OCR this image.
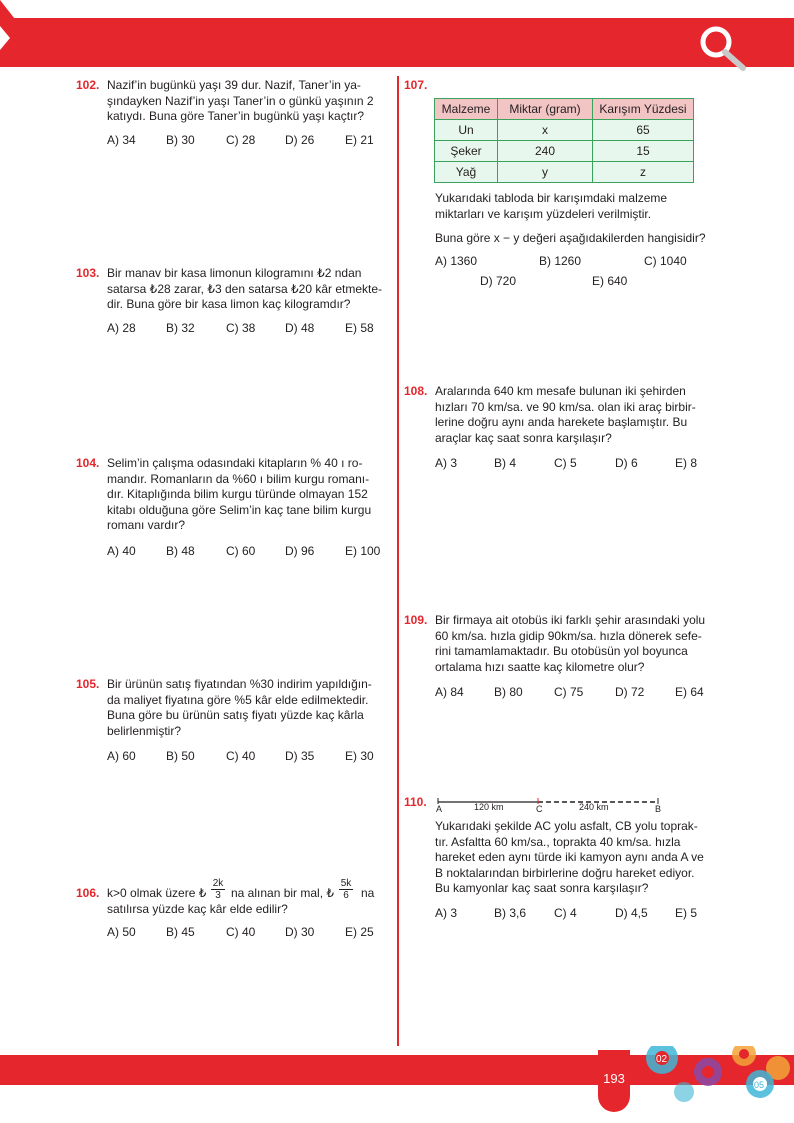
102. Nazif’in bugünkü yaşı 39 dur. Nazif, Taner’in ya-
şındayken Nazif’in yaşı Taner’in o günkü yaşının 2
katıydı. Buna göre Taner’in bugünkü yaşı kaçtır?
A) 34	B) 30	C) 28 D) 26	E) 21
103. Bir manav bir kasa limonun kilogramını ₺2 ndan
satarsa ₺28 zarar, ₺3 den satarsa ₺20 kâr etmekte-
dir. Buna göre bir kasa limon kaç kilogramdır?
A) 28	B) 32	C) 38 D) 48	E) 58
104. Selim’in çalışma odasındaki kitapların % 40 ı ro-
mandır. Romanların da %60 ı bilim kurgu romanı-
dır. Kitaplığında bilim kurgu türünde olmayan 152
kitabı olduğuna göre Selim’in kaç tane bilim kurgu
romanı vardır?
A) 40	B) 48	C) 60 D) 96	E) 100
105. Bir ürünün satış fiyatından %30 indirim yapıldığın-
da maliyet fiyatına göre %5 kâr elde edilmektedir.
Buna göre bu ürünün satış fiyatı yüzde kaç kârla
belirlenmiştir?
A) 60	B) 50	C) 40 D) 35	E) 30
106. k>0 olmak üzere ₺ $\frac{2k}{3}$ na alınan bir mal, ₺ $\frac{5k}{6}$ na
satılırsa yüzde kaç kâr elde edilir?
A) 50	B) 45	C) 40 D) 30	E) 25
107.
Malzeme	Miktar (gram)	Karışım Yüzdesi
Un	x	65
Şeker	240	15
Yağ	y	z
Yukarıdaki tabloda bir karışımdaki malzeme
miktarları ve karışım yüzdeleri verilmiştir.
Buna göre x − y değeri aşağıdakilerden hangisidir?
A) 1360	B) 1260	C) 1040
D) 720	E) 640
108. Aralarında 640 km mesafe bulunan iki şehirden
hızları 70 km/sa. ve 90 km/sa. olan iki araç birbir-
lerine doğru aynı anda harekete başlamıştır. Bu
araçlar kaç saat sonra karşılaşır?
A) 3	B) 4	C) 5	D) 6	E) 8
109. Bir firmaya ait otobüs iki farklı şehir arasındaki yolu
60 km/sa. hızla gidip 90km/sa. hızla dönerek sefe-
rini tamamlamaktadır. Bu otobüsün yol boyunca
ortalama hızı saatte kaç kilometre olur?
A) 84	B) 80	C) 75	D) 72	E) 64
110. A	120 km	C	240 km	B
Yukarıdaki şekilde AC yolu asfalt, CB yolu toprak-
tır. Asfaltta 60 km/sa., toprakta 40 km/sa. hızla
hareket eden aynı türde iki kamyon aynı anda A ve
B noktalarından birbirlerine doğru hareket ediyor.
Bu kamyonlar kaç saat sonra karşılaşır?
A) 3	B) 3,6 C) 4	D) 4,5 E) 5
02
05
193
